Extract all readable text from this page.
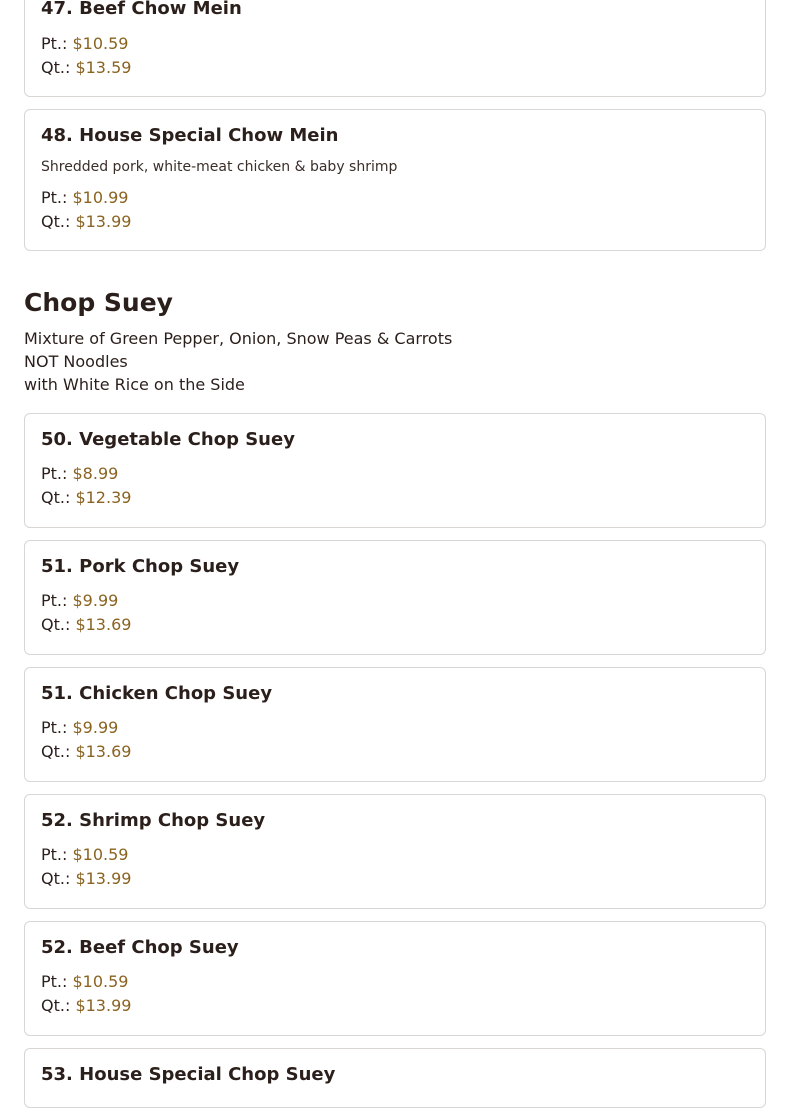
47. Beef Chow Mein
Pt.: $10.59
Qt.: $13.59
48. House Special Chow Mein
Shredded pork, white-meat chicken & baby shrimp
Pt.: $10.99
Qt.: $13.99
Chop Suey
Mixture of Green Pepper, Onion, Snow Peas & Carrots
NOT Noodles
with White Rice on the Side
50. Vegetable Chop Suey
Pt.: $8.99
Qt.: $12.39
51. Pork Chop Suey
Pt.: $9.99
Qt.: $13.69
51. Chicken Chop Suey
Pt.: $9.99
Qt.: $13.69
52. Shrimp Chop Suey
Pt.: $10.59
Qt.: $13.99
52. Beef Chop Suey
Pt.: $10.59
Qt.: $13.99
53. House Special Chop Suey
